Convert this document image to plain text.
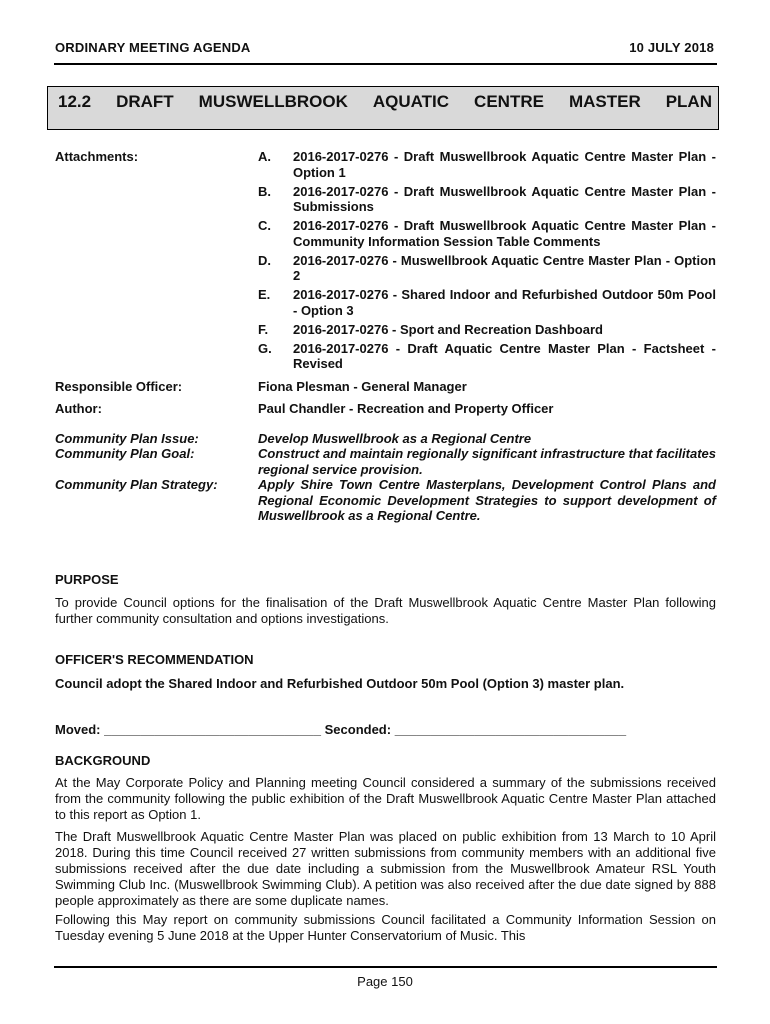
ORDINARY MEETING AGENDA	10 JULY 2018
12.2 DRAFT MUSWELLBROOK AQUATIC CENTRE MASTER PLAN
Attachments:	A.	2016-2017-0276 - Draft Muswellbrook Aquatic Centre Master Plan - Option 1
B.	2016-2017-0276 - Draft Muswellbrook Aquatic Centre Master Plan - Submissions
C.	2016-2017-0276 - Draft Muswellbrook Aquatic Centre Master Plan - Community Information Session Table Comments
D.	2016-2017-0276 - Muswellbrook Aquatic Centre Master Plan - Option 2
E.	2016-2017-0276 - Shared Indoor and Refurbished Outdoor 50m Pool - Option 3
F.	2016-2017-0276 - Sport and Recreation Dashboard
G.	2016-2017-0276 - Draft Aquatic Centre Master Plan - Factsheet - Revised
Responsible Officer:	Fiona Plesman - General Manager
Author:	Paul Chandler - Recreation and Property Officer
Community Plan Issue:	Develop Muswellbrook as a Regional Centre
Community Plan Goal:	Construct and maintain regionally significant infrastructure that facilitates regional service provision.
Community Plan Strategy:	Apply Shire Town Centre Masterplans, Development Control Plans and Regional Economic Development Strategies to support development of Muswellbrook as a Regional Centre.
PURPOSE
To provide Council options for the finalisation of the Draft Muswellbrook Aquatic Centre Master Plan following further community consultation and options investigations.
OFFICER'S RECOMMENDATION
Council adopt the Shared Indoor and Refurbished Outdoor 50m Pool (Option 3) master plan.
Moved: ______________________________ Seconded: ________________________________
BACKGROUND
At the May Corporate Policy and Planning meeting Council considered a summary of the submissions received from the community following the public exhibition of the Draft Muswellbrook Aquatic Centre Master Plan attached to this report as Option 1.
The Draft Muswellbrook Aquatic Centre Master Plan was placed on public exhibition from 13 March to 10 April 2018. During this time Council received 27 written submissions from community members with an additional five submissions received after the due date including a submission from the Muswellbrook Amateur RSL Youth Swimming Club Inc. (Muswellbrook Swimming Club). A petition was also received after the due date signed by 888 people approximately as there are some duplicate names.
Following this May report on community submissions Council facilitated a Community Information Session on Tuesday evening 5 June 2018 at the Upper Hunter Conservatorium of Music. This
Page 150
